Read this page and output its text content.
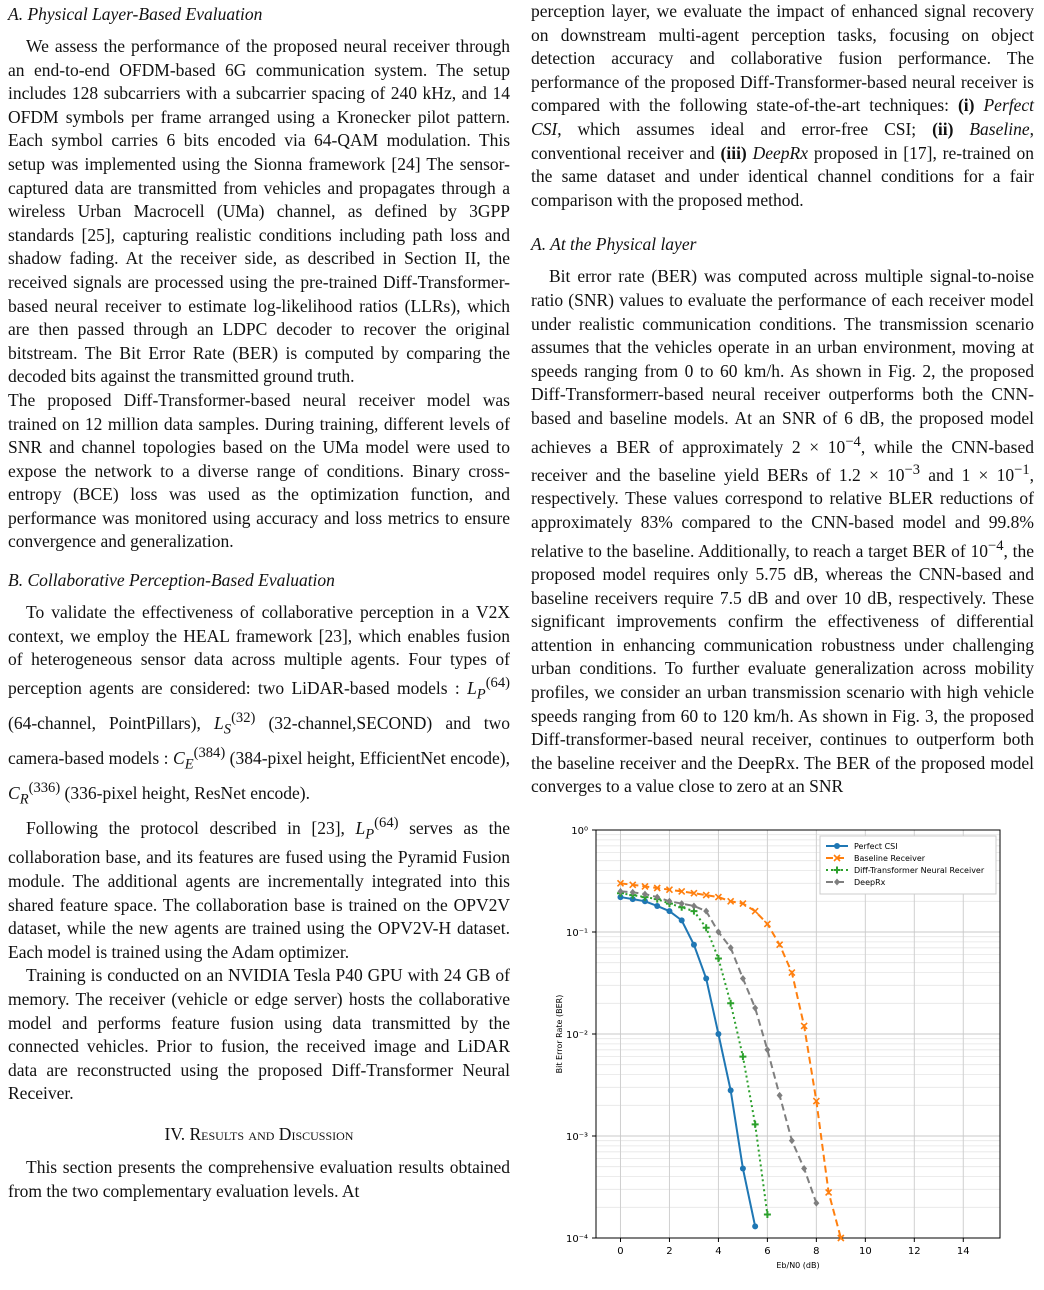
A. Physical Layer-Based Evaluation

We assess the performance of the proposed neural receiver through an end-to-end OFDM-based 6G communication system. The setup includes 128 subcarriers with a subcarrier spacing of 240 kHz, and 14 OFDM symbols per frame arranged using a Kronecker pilot pattern. Each symbol carries 6 bits encoded via 64-QAM modulation. This setup was implemented using the Sionna framework [24] The sensor-captured data are transmitted from vehicles and propagates through a wireless Urban Macrocell (UMa) channel, as defined by 3GPP standards [25], capturing realistic conditions including path loss and shadow fading. At the receiver side, as described in Section II, the received signals are processed using the pre-trained Diff-Transformer-based neural receiver to estimate log-likelihood ratios (LLRs), which are then passed through an LDPC decoder to recover the original bitstream. The Bit Error Rate (BER) is computed by comparing the decoded bits against the transmitted ground truth.

The proposed Diff-Transformer-based neural receiver model was trained on 12 million data samples. During training, different levels of SNR and channel topologies based on the UMa model were used to expose the network to a diverse range of conditions. Binary cross-entropy (BCE) loss was used as the optimization function, and performance was monitored using accuracy and loss metrics to ensure convergence and generalization.

B. Collaborative Perception-Based Evaluation

To validate the effectiveness of collaborative perception in a V2X context, we employ the HEAL framework [23], which enables fusion of heterogeneous sensor data across multiple agents. Four types of perception agents are considered: two LiDAR-based models : $L_P^{(64)}$ (64-channel, PointPillars), $L_S^{(32)}$ (32-channel,SECOND) and two camera-based models : $C_E^{(384)}$ (384-pixel height, EfficientNet encode), $C_R^{(336)}$ (336-pixel height, ResNet encode).

Following the protocol described in [23], $L_P^{(64)}$ serves as the collaboration base, and its features are fused using the Pyramid Fusion module. The additional agents are incrementally integrated into this shared feature space. The collaboration base is trained on the OPV2V dataset, while the new agents are trained using the OPV2V-H dataset. Each model is trained using the Adam optimizer.

Training is conducted on an NVIDIA Tesla P40 GPU with 24 GB of memory. The receiver (vehicle or edge server) hosts the collaborative model and performs feature fusion using data transmitted by the connected vehicles. Prior to fusion, the received image and LiDAR data are reconstructed using the proposed Diff-Transformer Neural Receiver.

IV. Results and Discussion

This section presents the comprehensive evaluation results obtained from the two complementary evaluation levels. At

perception layer, we evaluate the impact of enhanced signal recovery on downstream multi-agent perception tasks, focusing on object detection accuracy and collaborative fusion performance. The performance of the proposed Diff-Transformer-based neural receiver is compared with the following state-of-the-art techniques: (i) Perfect CSI, which assumes ideal and error-free CSI; (ii) Baseline, conventional receiver and (iii) DeepRx proposed in [17], re-trained on the same dataset and under identical channel conditions for a fair comparison with the proposed method.

A. At the Physical layer

Bit error rate (BER) was computed across multiple signal-to-noise ratio (SNR) values to evaluate the performance of each receiver model under realistic communication conditions. The transmission scenario assumes that the vehicles operate in an urban environment, moving at speeds ranging from 0 to 60 km/h. As shown in Fig. 2, the proposed Diff-Transformerr-based neural receiver outperforms both the CNN-based and baseline models. At an SNR of 6 dB, the proposed model achieves a BER of approximately $2 \times 10^{-4}$, while the CNN-based receiver and the baseline yield BERs of $1.2 \times 10^{-3}$ and $1 \times 10^{-1}$, respectively. These values correspond to relative BLER reductions of approximately 83% compared to the CNN-based model and 99.8% relative to the baseline. Additionally, to reach a target BER of $10^{-4}$, the proposed model requires only 5.75 dB, whereas the CNN-based and baseline receivers require 7.5 dB and over 10 dB, respectively. These significant improvements confirm the effectiveness of differential attention in enhancing communication robustness under challenging urban conditions. To further evaluate generalization across mobility profiles, we consider an urban transmission scenario with high vehicle speeds ranging from 60 to 120 km/h. As shown in Fig. 3, the proposed Diff-transformer-based neural receiver, continues to outperform both the baseline receiver and the DeepRx. The BER of the proposed model converges to a value close to zero at an SNR

0	2	4	6	8	10	12	14
10⁰
10⁻¹
10⁻²
10⁻³
10⁻⁴
Eb/N0 (dB)
Bit Error Rate (BER)
Perfect CSI
Baseline Receiver
Diff-Transformer Neural Receiver
DeepRx
